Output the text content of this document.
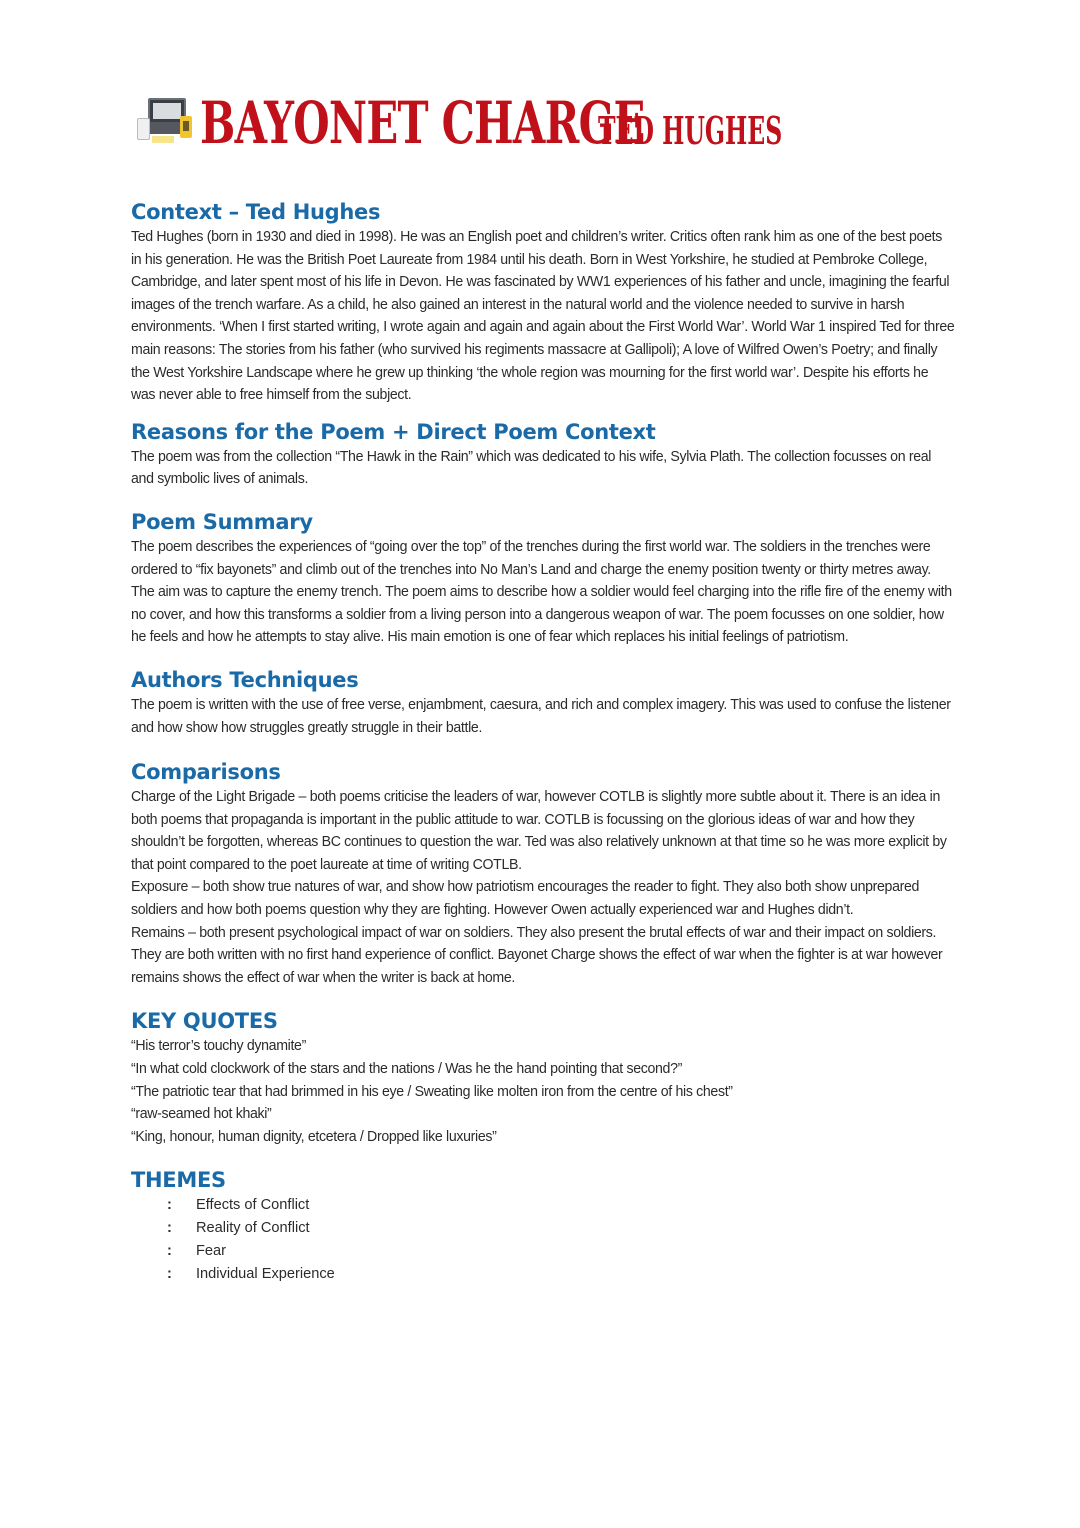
BAYONET CHARGE
TED HUGHES
Context – Ted Hughes

Ted Hughes (born in 1930 and died in 1998). He was an English poet and children’s writer. Critics often rank him as one of the best poets in his generation. He was the British Poet Laureate from 1984 until his death. Born in West Yorkshire, he studied at Pembroke College, Cambridge, and later spent most of his life in Devon. He was fascinated by WW1 experiences of his father and uncle, imagining the fearful images of the trench warfare. As a child, he also gained an interest in the natural world and the violence needed to survive in harsh environments. ‘When I first started writing, I wrote again and again and again about the First World War’. World War 1 inspired Ted for three main reasons: The stories from his father (who survived his regiments massacre at Gallipoli); A love of Wilfred Owen’s Poetry; and finally the West Yorkshire Landscape where he grew up thinking ‘the whole region was mourning for the first world war’. Despite his efforts he was never able to free himself from the subject.

Reasons for the Poem + Direct Poem Context

The poem was from the collection “The Hawk in the Rain” which was dedicated to his wife, Sylvia Plath. The collection focusses on real and symbolic lives of animals.

Poem Summary

The poem describes the experiences of “going over the top” of the trenches during the first world war. The soldiers in the trenches were ordered to “fix bayonets” and climb out of the trenches into No Man’s Land and charge the enemy position twenty or thirty metres away. The aim was to capture the enemy trench. The poem aims to describe how a soldier would feel charging into the rifle fire of the enemy with no cover, and how this transforms a soldier from a living person into a dangerous weapon of war. The poem focusses on one soldier, how he feels and how he attempts to stay alive. His main emotion is one of fear which replaces his initial feelings of patriotism.

Authors Techniques

The poem is written with the use of free verse, enjambment, caesura, and rich and complex imagery. This was used to confuse the listener and how show how struggles greatly struggle in their battle.

Comparisons

Charge of the Light Brigade – both poems criticise the leaders of war, however COTLB is slightly more subtle about it. There is an idea in both poems that propaganda is important in the public attitude to war. COTLB is focussing on the glorious ideas of war and how they shouldn’t be forgotten, whereas BC continues to question the war. Ted was also relatively unknown at that time so he was more explicit by that point compared to the poet laureate at time of writing COTLB.

Exposure – both show true natures of war, and show how patriotism encourages the reader to fight. They also both show unprepared soldiers and how both poems question why they are fighting. However Owen actually experienced war and Hughes didn’t.

Remains – both present psychological impact of war on soldiers. They also present the brutal effects of war and their impact on soldiers. They are both written with no first hand experience of conflict. Bayonet Charge shows the effect of war when the fighter is at war however remains shows the effect of war when the writer is back at home.

KEY QUOTES

“His terror’s touchy dynamite”

“In what cold clockwork of the stars and the nations / Was he the hand pointing that second?”

“The patriotic tear that had brimmed in his eye / Sweating like molten iron from the centre of his chest”

“raw-seamed hot khaki”

“King, honour, human dignity, etcetera / Dropped like luxuries”

THEMES
:	Effects of Conflict
:	Reality of Conflict
:	Fear
:	Individual Experience
